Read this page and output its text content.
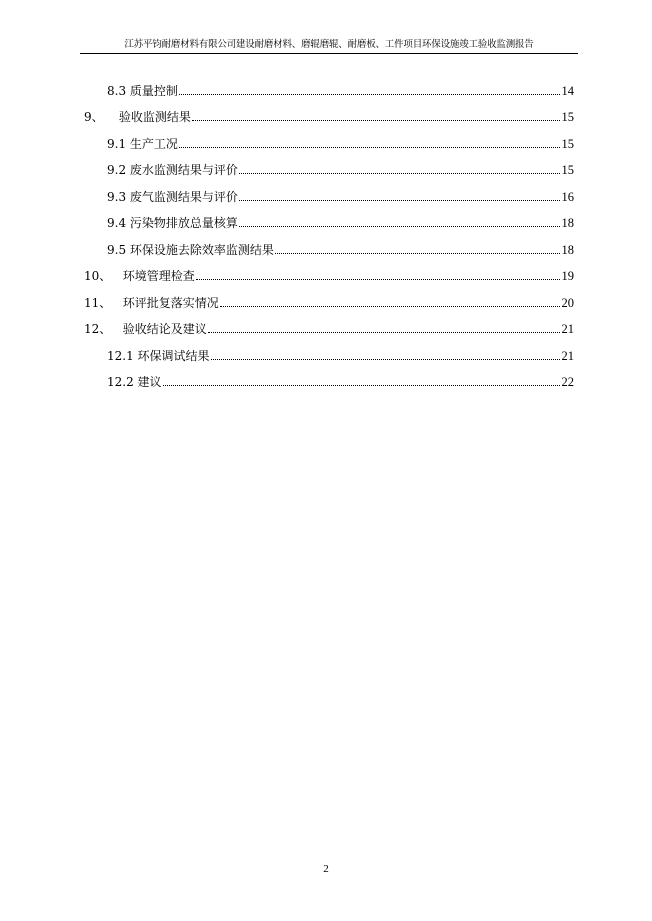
江苏平钧耐磨材料有限公司建设耐磨材料、磨辊磨辊、耐磨板、工件项目环保设施竣工验收监测报告
8.3 质量控制	14
9、 验收监测结果	15
9.1 生产工况	15
9.2 废水监测结果与评价	15
9.3 废气监测结果与评价	16
9.4 污染物排放总量核算	18
9.5 环保设施去除效率监测结果	18
10、 环境管理检查	19
11、 环评批复落实情况	20
12、 验收结论及建议	21
12.1 环保调试结果	21
12.2 建议	22
2
